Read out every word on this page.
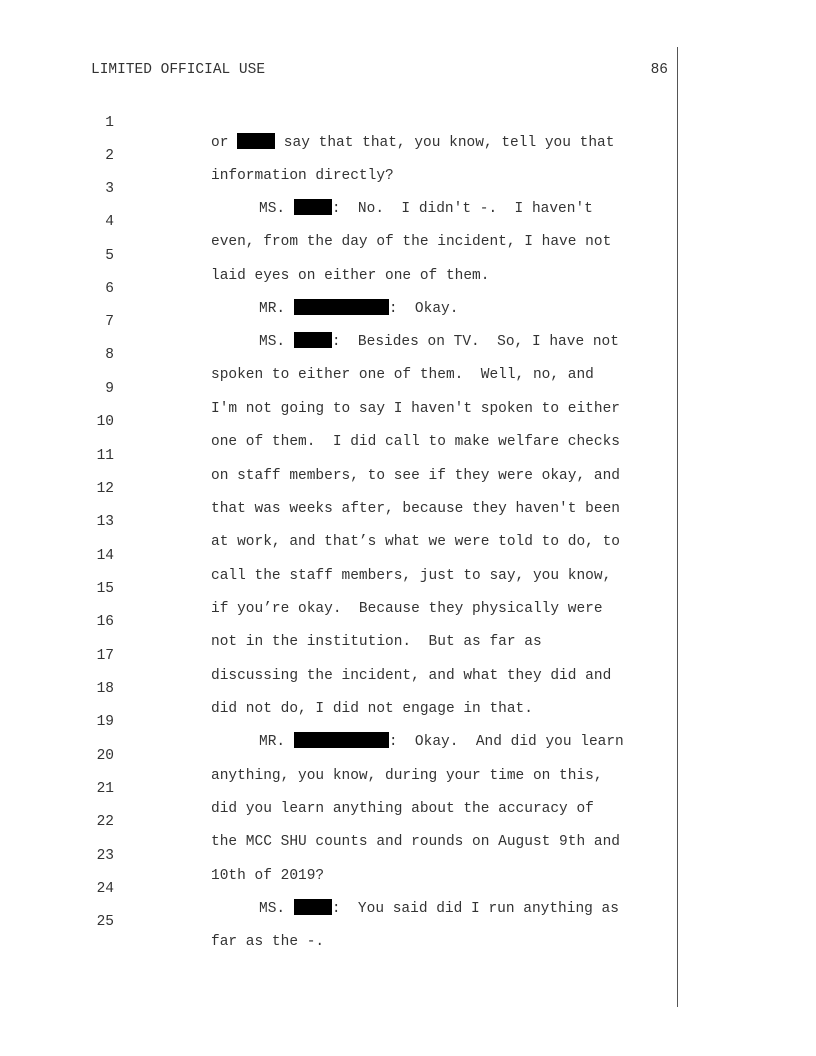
LIMITED OFFICIAL USE	86

1

or	say that that, you know, tell you that

2

information directly?

3

MS.	:  No.  I didn't -.  I haven't

4

even, from the day of the incident, I have not

5

laid eyes on either one of them.

6

MR.	:  Okay.

7

MS.	:  Besides on TV.  So, I have not

8

spoken to either one of them.  Well, no, and

9

I'm not going to say I haven't spoken to either

10

one of them.  I did call to make welfare checks

11

on staff members, to see if they were okay, and

12

that was weeks after, because they haven't been

13

at work, and that’s what we were told to do, to

14

call the staff members, just to say, you know,

15

if you’re okay.  Because they physically were

16

not in the institution.  But as far as

17

discussing the incident, and what they did and

18

did not do, I did not engage in that.

19

MR.	:  Okay.  And did you learn

20

anything, you know, during your time on this,

21

did you learn anything about the accuracy of

22

the MCC SHU counts and rounds on August 9th and

23

10th of 2019?

24

MS.	:  You said did I run anything as

25

far as the -.
